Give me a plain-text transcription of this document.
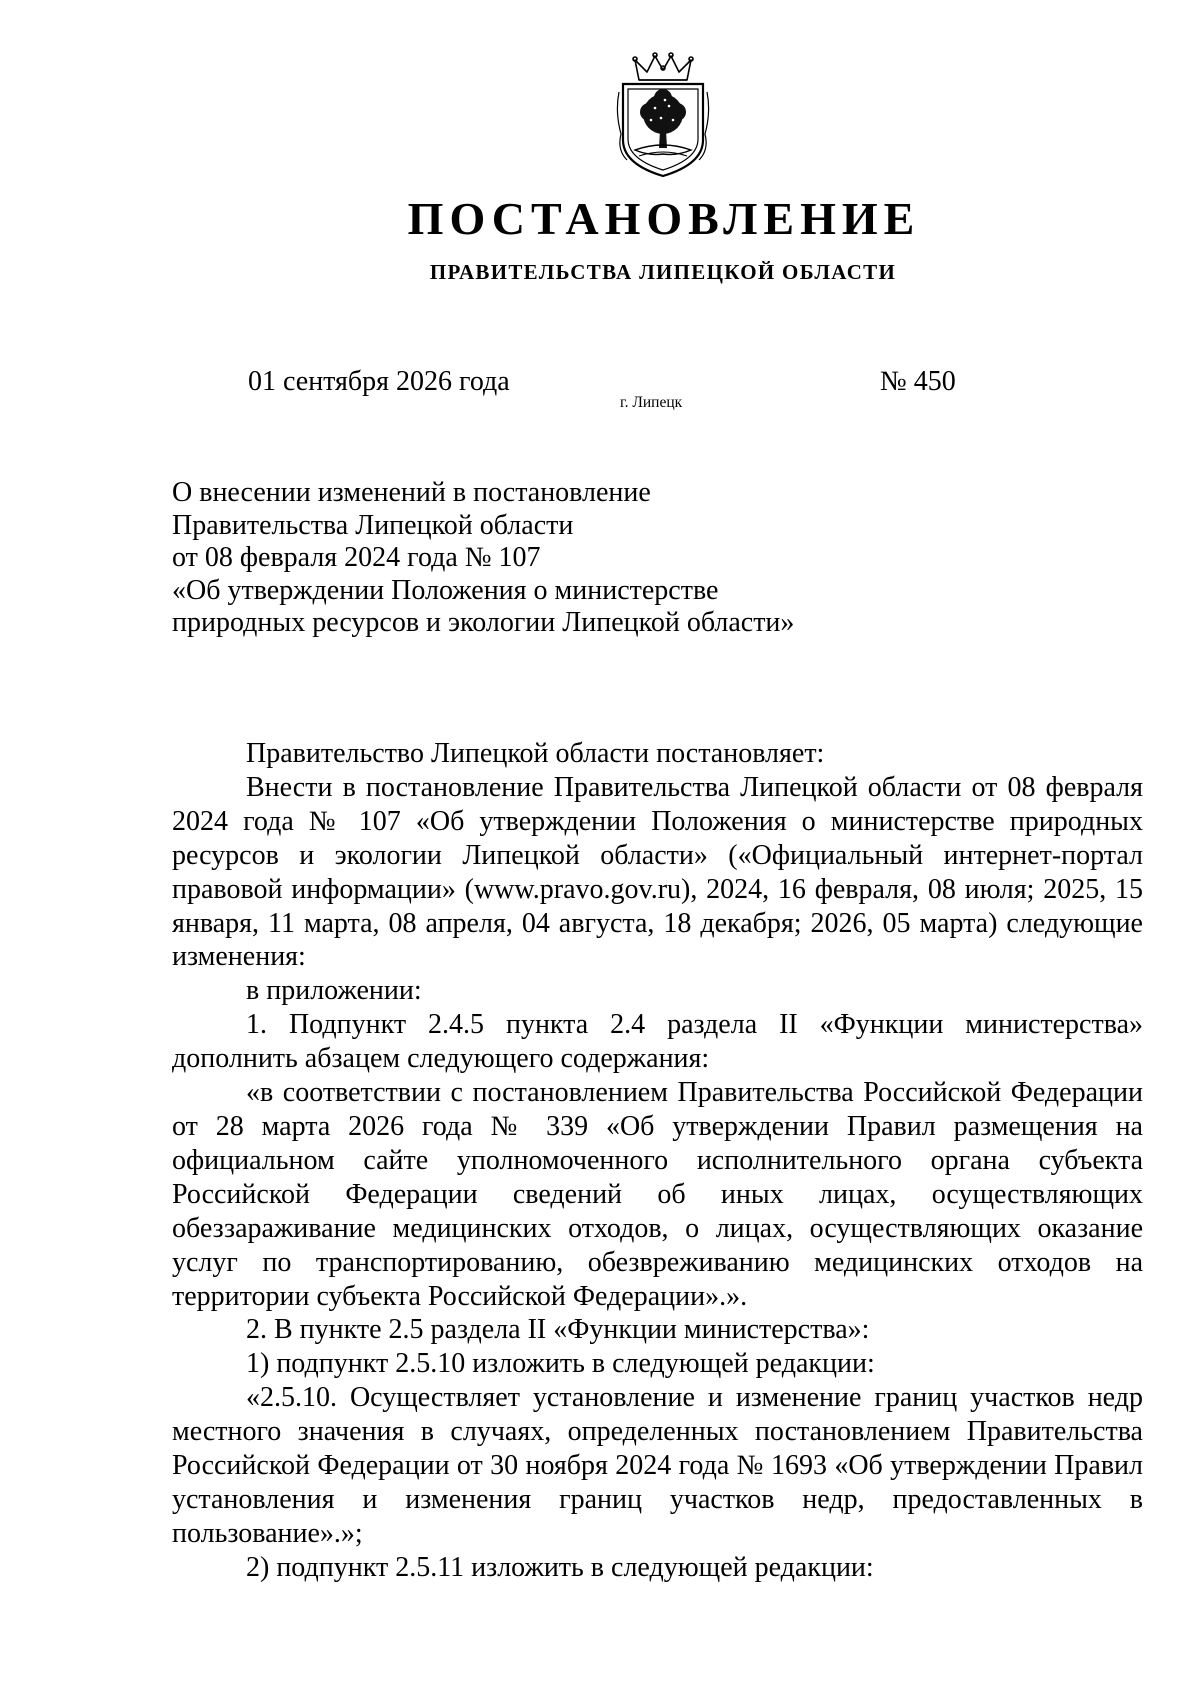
ПОСТАНОВЛЕНИЕ
ПРАВИТЕЛЬСТВА ЛИПЕЦКОЙ ОБЛАСТИ
01 сентября 2026 года
г. Липецк
№ 450
О внесении изменений в постановление
Правительства Липецкой области
от 08 февраля 2024 года № 107
«Об утверждении Положения о министерстве
природных ресурсов и экологии Липецкой области»

Правительство Липецкой области постановляет:

Внести в постановление Правительства Липецкой области от 08 февраля 2024 года № 107 «Об утверждении Положения о министерстве природных ресурсов и экологии Липецкой области» («Официальный интернет-портал правовой информации» (www.pravo.gov.ru), 2024, 16 февраля, 08 июля; 2025, 15 января, 11 марта, 08 апреля, 04 августа, 18 декабря; 2026, 05 марта) следующие изменения:

в приложении:

1. Подпункт 2.4.5 пункта 2.4 раздела II «Функции министерства» дополнить абзацем следующего содержания:

«в соответствии с постановлением Правительства Российской Федерации от 28 марта 2026 года № 339 «Об утверждении Правил размещения на официальном сайте уполномоченного исполнительного органа субъекта Российской Федерации сведений об иных лицах, осуществляющих обеззараживание медицинских отходов, о лицах, осуществляющих оказание услуг по транспортированию, обезвреживанию медицинских отходов на территории субъекта Российской Федерации».».

2. В пункте 2.5 раздела II «Функции министерства»:

1) подпункт 2.5.10 изложить в следующей редакции:

«2.5.10. Осуществляет установление и изменение границ участков недр местного значения в случаях, определенных постановлением Правительства Российской Федерации от 30 ноября 2024 года № 1693 «Об утверждении Правил установления и изменения границ участков недр, предоставленных в пользование».»;

2) подпункт 2.5.11 изложить в следующей редакции:
